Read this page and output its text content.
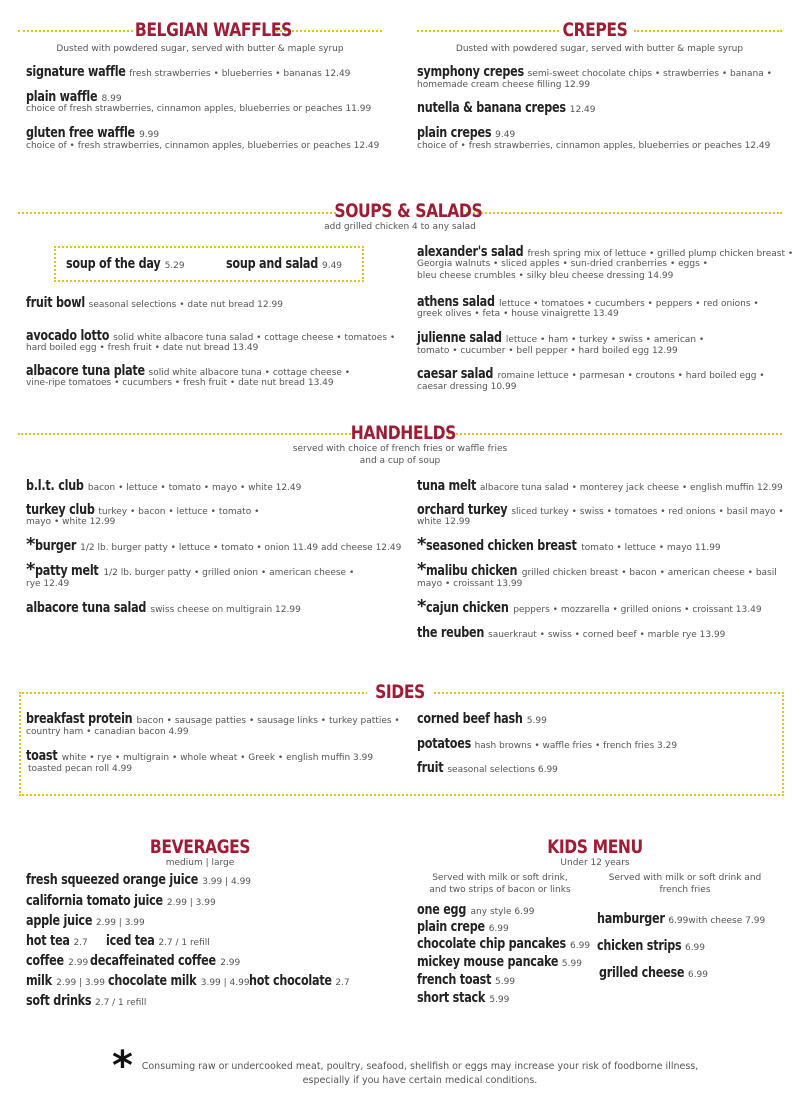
BELGIAN WAFFLES
Dusted with powdered sugar, served with butter & maple syrup
signature waffle fresh strawberries • blueberries • bananas 12.49
plain waffle 8.99
choice of fresh strawberries, cinnamon apples, blueberries or peaches 11.99
gluten free waffle 9.99
choice of • fresh strawberries, cinnamon apples, blueberries or peaches 12.49
CREPES
Dusted with powdered sugar, served with butter & maple syrup
symphony crepes semi-sweet chocolate chips • strawberries • banana •
homemade cream cheese filling 12.99
nutella & banana crepes 12.49
plain crepes 9.49
choice of • fresh strawberries, cinnamon apples, blueberries or peaches 12.49
SOUPS & SALADS
add grilled chicken 4 to any salad
soup of the day 5.29	soup and salad 9.49
fruit bowl seasonal selections • date nut bread 12.99
avocado lotto solid white albacore tuna salad • cottage cheese • tomatoes •
hard boiled egg • fresh fruit • date nut bread 13.49
albacore tuna plate solid white albacore tuna • cottage cheese •
vine-ripe tomatoes • cucumbers • fresh fruit • date nut bread 13.49
alexander's salad fresh spring mix of lettuce • grilled plump chicken breast •
Georgia walnuts • sliced apples • sun-dried cranberries • eggs •
bleu cheese crumbles • silky bleu cheese dressing 14.99
athens salad lettuce • tomatoes • cucumbers • peppers • red onions •
greek olives • feta • house vinaigrette 13.49
julienne salad lettuce • ham • turkey • swiss • american •
tomato • cucumber • bell pepper • hard boiled egg 12.99
caesar salad romaine lettuce • parmesan • croutons • hard boiled egg •
caesar dressing 10.99
HANDHELDS
served with choice of french fries or waffle fries
and a cup of soup
b.l.t. club bacon • lettuce • tomato • mayo • white 12.49
turkey club turkey • bacon • lettuce • tomato •
mayo • white 12.99
*burger 1/2 lb. burger patty • lettuce • tomato • onion 11.49 add cheese 12.49
*patty melt 1/2 lb. burger patty • grilled onion • american cheese •
rye 12.49
albacore tuna salad swiss cheese on multigrain 12.99
tuna melt albacore tuna salad • monterey jack cheese • english muffin 12.99
orchard turkey sliced turkey • swiss • tomatoes • red onions • basil mayo •
white 12.99
*seasoned chicken breast tomato • lettuce • mayo 11.99
*malibu chicken grilled chicken breast • bacon • american cheese • basil
mayo • croissant 13.99
*cajun chicken peppers • mozzarella • grilled onions • croissant 13.49
the reuben sauerkraut • swiss • corned beef • marble rye 13.99
SIDES
breakfast protein bacon • sausage patties • sausage links • turkey patties •
country ham • canadian bacon 4.99
toast white • rye • multigrain • whole wheat • Greek • english muffin 3.99
toasted pecan roll 4.99
corned beef hash 5.99
potatoes hash browns • waffle fries • french fries 3.29
fruit seasonal selections 6.99
BEVERAGES
medium | large
fresh squeezed orange juice 3.99 | 4.99
california tomato juice 2.99 | 3.99
apple juice 2.99 | 3.99
hot tea 2.7 iced tea 2.7 / 1 refill
coffee 2.99 decaffeinated coffee 2.99
milk 2.99 | 3.99 chocolate milk 3.99 | 4.99 hot chocolate 2.7
soft drinks 2.7 / 1 refill
KIDS MENU
Under 12 years
Served with milk or soft drink,
and two strips of bacon or links
Served with milk or soft drink and
french fries
one egg any style 6.99
plain crepe 6.99
chocolate chip pancakes 6.99
mickey mouse pancake 5.99
french toast 5.99
short stack 5.99
hamburger 6.99with cheese 7.99
chicken strips 6.99
grilled cheese 6.99
* Consuming raw or undercooked meat, poultry, seafood, shellfish or eggs may increase your risk of foodborne illness,
especially if you have certain medical conditions.
